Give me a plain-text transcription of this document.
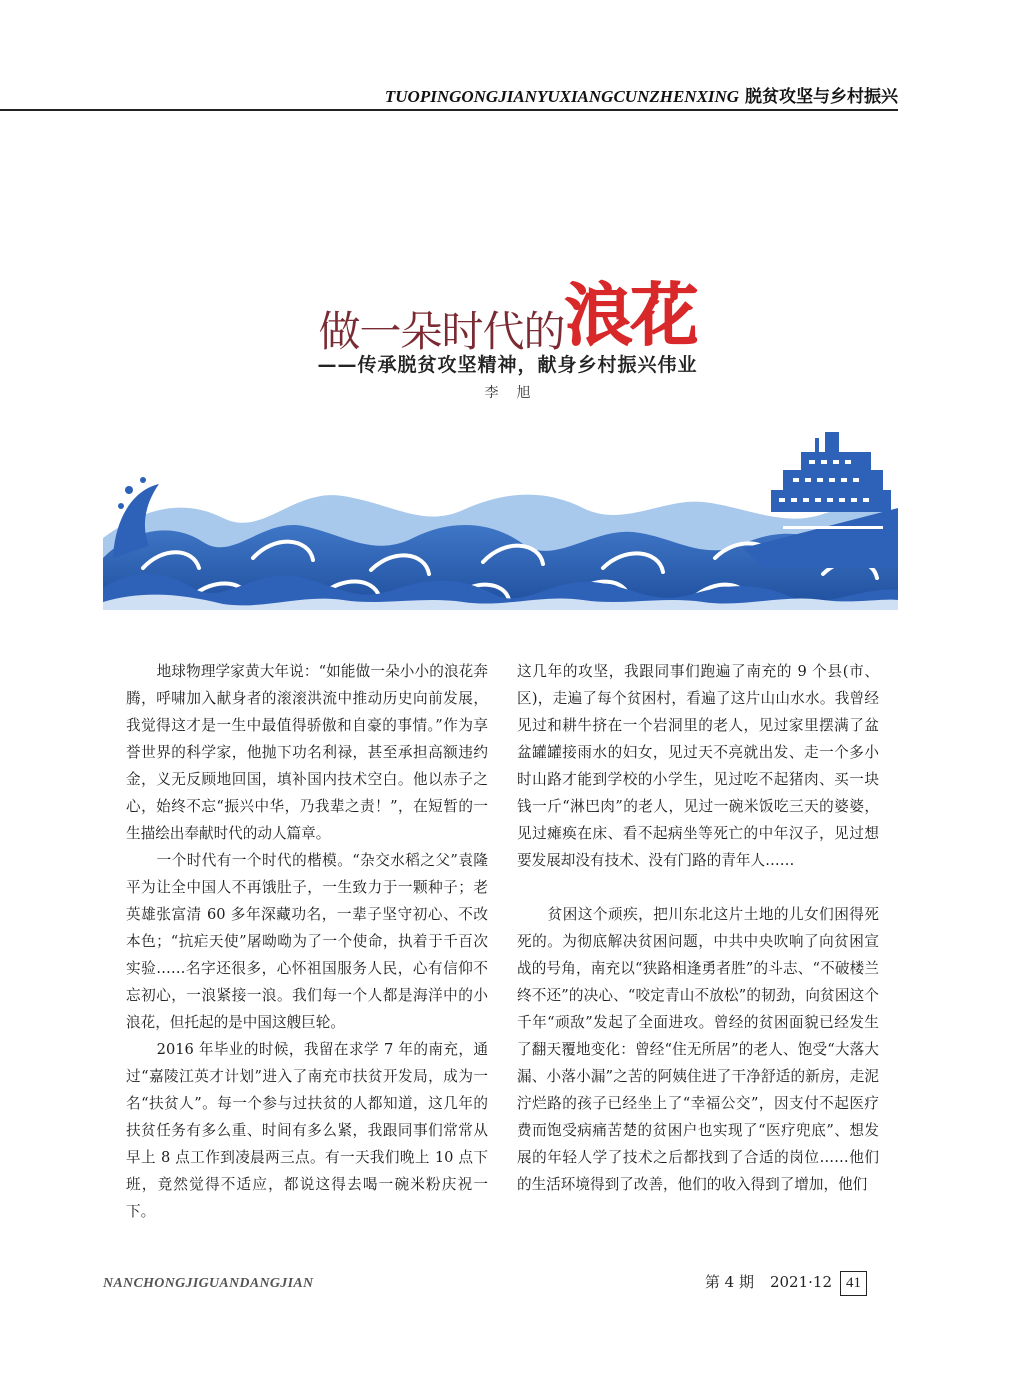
TUOPINGONGJIANYUXIANGCUNZHENXING 脱贫攻坚与乡村振兴
做一朵时代的浪花
——传承脱贫攻坚精神，献身乡村振兴伟业
李旭

地球物理学家黄大年说：“如能做一朵小小的浪花奔腾，呼啸加入献身者的滚滚洪流中推动历史向前发展，我觉得这才是一生中最值得骄傲和自豪的事情。”作为享誉世界的科学家，他抛下功名利禄，甚至承担高额违约金，义无反顾地回国，填补国内技术空白。他以赤子之心，始终不忘“振兴中华，乃我辈之责！”，在短暂的一生描绘出奉献时代的动人篇章。

一个时代有一个时代的楷模。“杂交水稻之父”袁隆平为让全中国人不再饿肚子，一生致力于一颗种子；老英雄张富清 60 多年深藏功名，一辈子坚守初心、不改本色；“抗疟天使”屠呦呦为了一个使命，执着于千百次实验……名字还很多，心怀祖国服务人民，心有信仰不忘初心，一浪紧接一浪。我们每一个人都是海洋中的小浪花，但托起的是中国这艘巨轮。

2016 年毕业的时候，我留在求学 7 年的南充，通过“嘉陵江英才计划”进入了南充市扶贫开发局，成为一名“扶贫人”。每一个参与过扶贫的人都知道，这几年的扶贫任务有多么重、时间有多么紧，我跟同事们常常从早上 8 点工作到凌晨两三点。有一天我们晚上 10 点下班，竟然觉得不适应，都说这得去喝一碗米粉庆祝一下。

这几年的攻坚，我跟同事们跑遍了南充的 9 个县(市、区)，走遍了每个贫困村，看遍了这片山山水水。我曾经见过和耕牛挤在一个岩洞里的老人，见过家里摆满了盆盆罐罐接雨水的妇女，见过天不亮就出发、走一个多小时山路才能到学校的小学生，见过吃不起猪肉、买一块钱一斤“淋巴肉”的老人，见过一碗米饭吃三天的婆婆，见过瘫痪在床、看不起病坐等死亡的中年汉子，见过想要发展却没有技术、没有门路的青年人……

贫困这个顽疾，把川东北这片土地的儿女们困得死死的。为彻底解决贫困问题，中共中央吹响了向贫困宣战的号角，南充以“狭路相逢勇者胜”的斗志、“不破楼兰终不还”的决心、“咬定青山不放松”的韧劲，向贫困这个千年“顽敌”发起了全面进攻。曾经的贫困面貌已经发生了翻天覆地变化：曾经“住无所居”的老人、饱受“大落大漏、小落小漏”之苦的阿姨住进了干净舒适的新房，走泥泞烂路的孩子已经坐上了“幸福公交”，因支付不起医疗费而饱受病痛苦楚的贫困户也实现了“医疗兜底”、想发展的年轻人学了技术之后都找到了合适的岗位……他们的生活环境得到了改善，他们的收入得到了增加，他们

NANCHONGJIGUANDANGJIAN	第 4 期 2021·12 41
